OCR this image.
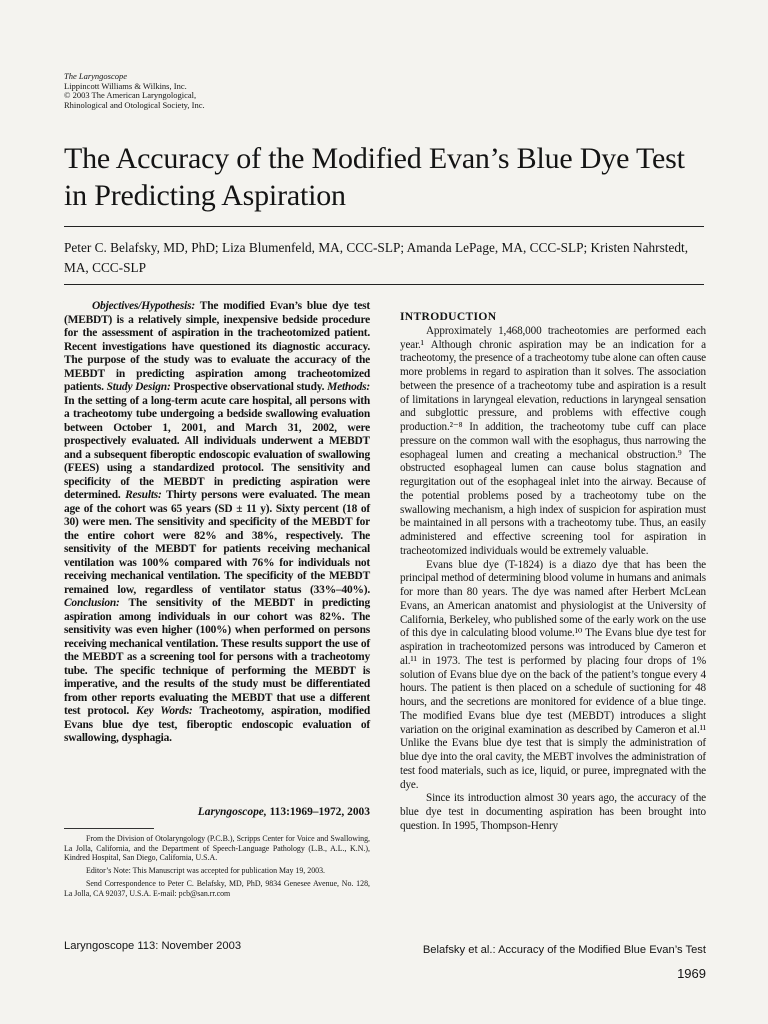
The Laryngoscope
Lippincott Williams & Wilkins, Inc.
© 2003 The American Laryngological,
Rhinological and Otological Society, Inc.
The Accuracy of the Modified Evan’s Blue Dye Test in Predicting Aspiration
Peter C. Belafsky, MD, PhD; Liza Blumenfeld, MA, CCC-SLP; Amanda LePage, MA, CCC-SLP; Kristen Nahrstedt, MA, CCC-SLP

Objectives/Hypothesis: The modified Evan’s blue dye test (MEBDT) is a relatively simple, inexpensive bedside procedure for the assessment of aspiration in the tracheotomized patient. Recent investigations have questioned its diagnostic accuracy. The purpose of the study was to evaluate the accuracy of the MEBDT in predicting aspiration among tracheotomized patients. Study Design: Prospective observational study. Methods: In the setting of a long-term acute care hospital, all persons with a tracheotomy tube undergoing a bedside swallowing evaluation between October 1, 2001, and March 31, 2002, were prospectively evaluated. All individuals underwent a MEBDT and a subsequent fiberoptic endoscopic evaluation of swallowing (FEES) using a standardized protocol. The sensitivity and specificity of the MEBDT in predicting aspiration were determined. Results: Thirty persons were evaluated. The mean age of the cohort was 65 years (SD ± 11 y). Sixty percent (18 of 30) were men. The sensitivity and specificity of the MEBDT for the entire cohort were 82% and 38%, respectively. The sensitivity of the MEBDT for patients receiving mechanical ventilation was 100% compared with 76% for individuals not receiving mechanical ventilation. The specificity of the MEBDT remained low, regardless of ventilator status (33%–40%). Conclusion: The sensitivity of the MEBDT in predicting aspiration among individuals in our cohort was 82%. The sensitivity was even higher (100%) when performed on persons receiving mechanical ventilation. These results support the use of the MEBDT as a screening tool for persons with a tracheotomy tube. The specific technique of performing the MEBDT is imperative, and the results of the study must be differentiated from other reports evaluating the MEBDT that use a different test protocol. Key Words: Tracheotomy, aspiration, modified Evans blue dye test, fiberoptic endoscopic evaluation of swallowing, dysphagia.

Laryngoscope, 113:1969–1972, 2003

From the Division of Otolaryngology (P.C.B.), Scripps Center for Voice and Swallowing, La Jolla, California, and the Department of Speech-Language Pathology (L.B., A.L., K.N.), Kindred Hospital, San Diego, California, U.S.A.

Editor’s Note: This Manuscript was accepted for publication May 19, 2003.

Send Correspondence to Peter C. Belafsky, MD, PhD, 9834 Genesee Avenue, No. 128, La Jolla, CA 92037, U.S.A. E-mail: pcb@san.rr.com

INTRODUCTION

Approximately 1,468,000 tracheotomies are performed each year.¹ Although chronic aspiration may be an indication for a tracheotomy, the presence of a tracheotomy tube alone can often cause more problems in regard to aspiration than it solves. The association between the presence of a tracheotomy tube and aspiration is a result of limitations in laryngeal elevation, reductions in laryngeal sensation and subglottic pressure, and problems with effective cough production.²⁻⁸ In addition, the tracheotomy tube cuff can place pressure on the common wall with the esophagus, thus narrowing the esophageal lumen and creating a mechanical obstruction.⁹ The obstructed esophageal lumen can cause bolus stagnation and regurgitation out of the esophageal inlet into the airway. Because of the potential problems posed by a tracheotomy tube on the swallowing mechanism, a high index of suspicion for aspiration must be maintained in all persons with a tracheotomy tube. Thus, an easily administered and effective screening tool for aspiration in tracheotomized individuals would be extremely valuable.

Evans blue dye (T-1824) is a diazo dye that has been the principal method of determining blood volume in humans and animals for more than 80 years. The dye was named after Herbert McLean Evans, an American anatomist and physiologist at the University of California, Berkeley, who published some of the early work on the use of this dye in calculating blood volume.¹⁰ The Evans blue dye test for aspiration in tracheotomized persons was introduced by Cameron et al.¹¹ in 1973. The test is performed by placing four drops of 1% solution of Evans blue dye on the back of the patient’s tongue every 4 hours. The patient is then placed on a schedule of suctioning for 48 hours, and the secretions are monitored for evidence of a blue tinge. The modified Evans blue dye test (MEBDT) introduces a slight variation on the original examination as described by Cameron et al.¹¹ Unlike the Evans blue dye test that is simply the administration of blue dye into the oral cavity, the MEBT involves the administration of test food materials, such as ice, liquid, or puree, impregnated with the dye.

Since its introduction almost 30 years ago, the accuracy of the blue dye test in documenting aspiration has been brought into question. In 1995, Thompson-Henry

Laryngoscope 113: November 2003	Belafsky et al.: Accuracy of the Modified Blue Evan’s Test
1969
